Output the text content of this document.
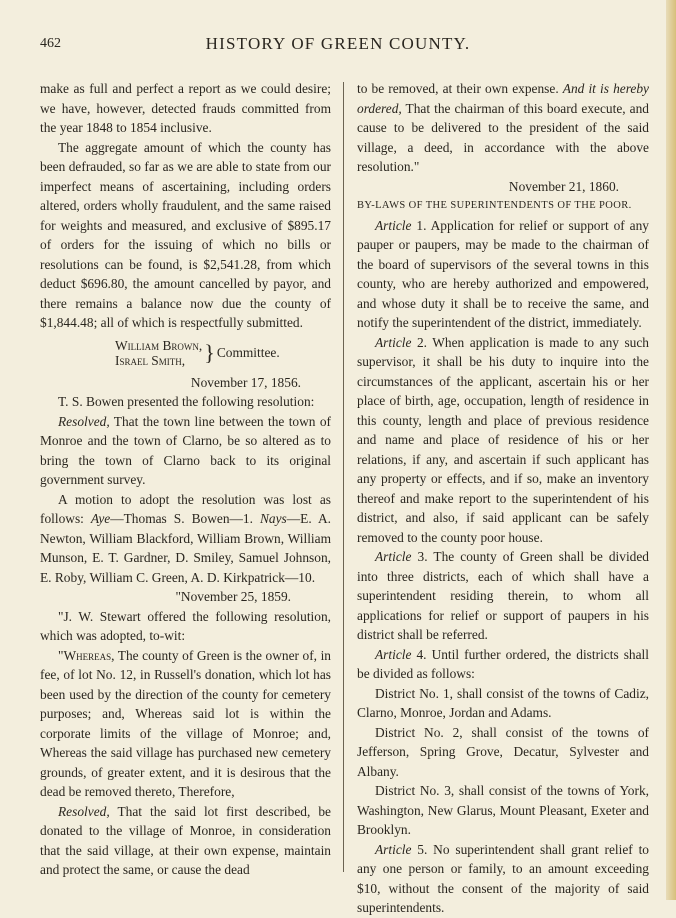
462	HISTORY OF GREEN COUNTY.

make as full and perfect a report as we could desire; we have, however, detected frauds committed from the year 1848 to 1854 inclusive.

The aggregate amount of which the county has been defrauded, so far as we are able to state from our imperfect means of ascertaining, including orders altered, orders wholly fraudulent, and the same raised for weights and measured, and exclusive of $895.17 of orders for the issuing of which no bills or resolutions can be found, is $2,541.28, from which deduct $696.80, the amount cancelled by payor, and there remains a balance now due the county of $1,844.48; all of which is respectfully submitted.

William Brown,
Israel Smith, } Committee.

November 17, 1856.

T. S. Bowen presented the following resolution:

Resolved, That the town line between the town of Monroe and the town of Clarno, be so altered as to bring the town of Clarno back to its original government survey.

A motion to adopt the resolution was lost as follows: Aye—Thomas S. Bowen—1. Nays—E. A. Newton, William Blackford, William Brown, William Munson, E. T. Gardner, D. Smiley, Samuel Johnson, E. Roby, William C. Green, A. D. Kirkpatrick—10.

"November 25, 1859.

"J. W. Stewart offered the following resolution, which was adopted, to-wit:

"Whereas, The county of Green is the owner of, in fee, of lot No. 12, in Russell's donation, which lot has been used by the direction of the county for cemetery purposes; and, Whereas said lot is within the corporate limits of the village of Monroe; and, Whereas the said village has purchased new cemetery grounds, of greater extent, and it is desirous that the dead be removed thereto, Therefore,

Resolved, That the said lot first described, be donated to the village of Monroe, in consideration that the said village, at their own expense, maintain and protect the same, or cause the dead

to be removed, at their own expense. And it is hereby ordered, That the chairman of this board execute, and cause to be delivered to the president of the said village, a deed, in accordance with the above resolution."

November 21, 1860.

BY-LAWS OF THE SUPERINTENDENTS OF THE POOR.

Article 1. Application for relief or support of any pauper or paupers, may be made to the chairman of the board of supervisors of the several towns in this county, who are hereby authorized and empowered, and whose duty it shall be to receive the same, and notify the superintendent of the district, immediately.

Article 2. When application is made to any such supervisor, it shall be his duty to inquire into the circumstances of the applicant, ascertain his or her place of birth, age, occupation, length of residence in this county, length and place of previous residence and name and place of residence of his or her relations, if any, and ascertain if such applicant has any property or effects, and if so, make an inventory thereof and make report to the superintendent of his district, and also, if said applicant can be safely removed to the county poor house.

Article 3. The county of Green shall be divided into three districts, each of which shall have a superintendent residing therein, to whom all applications for relief or support of paupers in his district shall be referred.

Article 4. Until further ordered, the districts shall be divided as follows:

District No. 1, shall consist of the towns of Cadiz, Clarno, Monroe, Jordan and Adams.

District No. 2, shall consist of the towns of Jefferson, Spring Grove, Decatur, Sylvester and Albany.

District No. 3, shall consist of the towns of York, Washington, New Glarus, Mount Pleasant, Exeter and Brooklyn.

Article 5. No superintendent shall grant relief to any one person or family, to an amount exceeding $10, without the consent of the majority of said superintendents.
